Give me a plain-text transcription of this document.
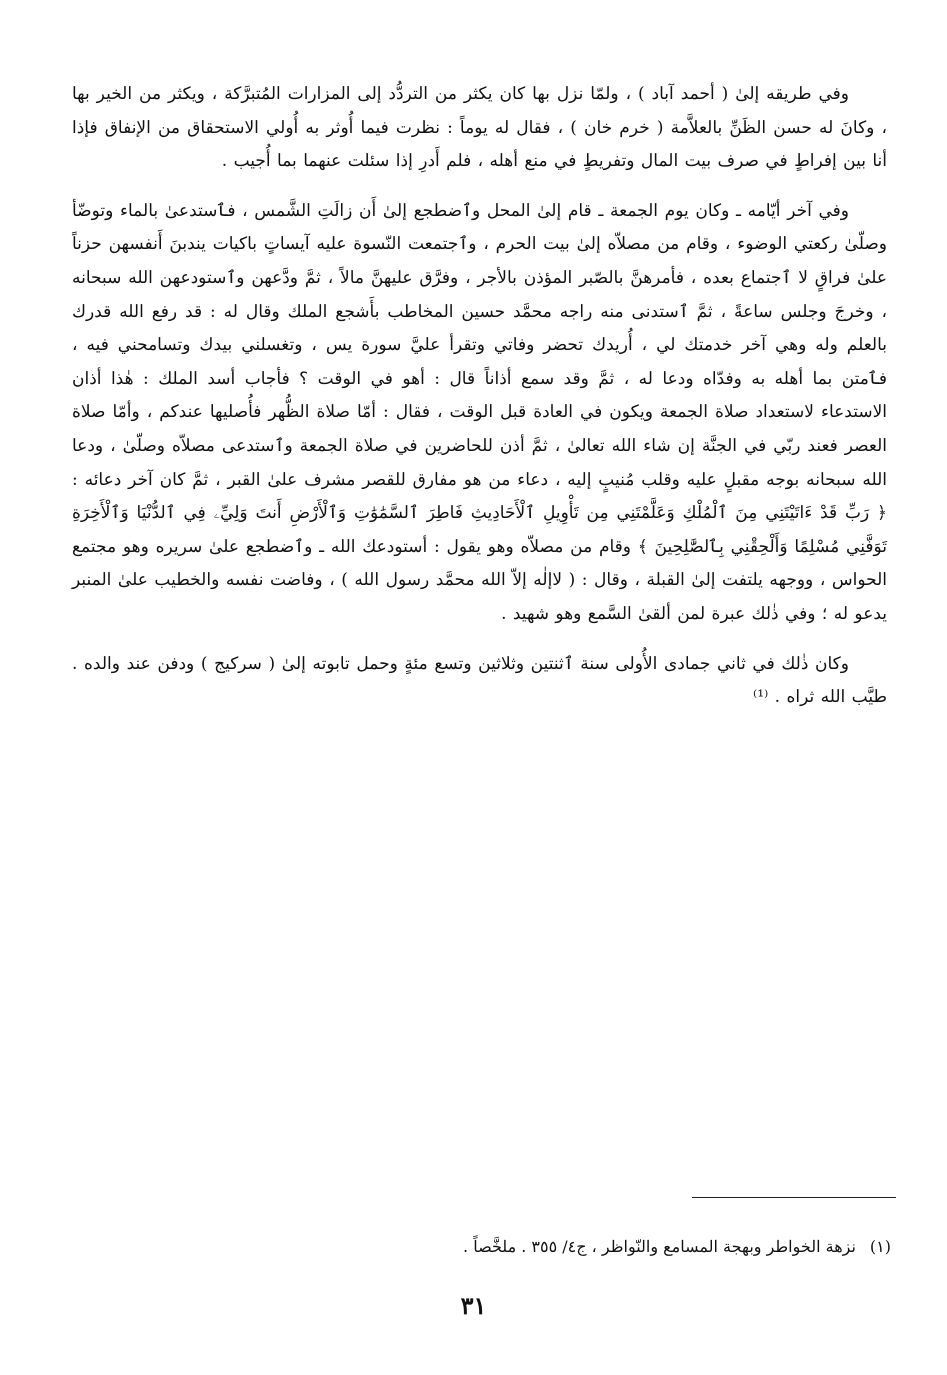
وفي طريقه إلىٰ ( أحمد آباد ) ، ولمّا نزل بها كان يكثر من التردُّد إلى المزارات المُتبرَّكة ، ويكثر من الخير بها ، وكانَ له حسن الظَنِّ بالعلاَّمة ( خرم خان ) ، فقال له يوماً : نظرت فيما أُوثر به أُولي الاستحقاق من الإنفاق فإذا أنا بين إفراطٍ في صرف بيت المال وتفريطٍ في منع أهله ، فلم أَدرِ إذا سئلت عنهما بما أُجيب .

وفي آخر أيّامه ـ وكان يوم الجمعة ـ قام إلىٰ المحل وٱضطجع إلىٰ أَن زالَتِ الشَّمس ، فٱستدعىٰ بالماء وتوضّأ وصلّىٰ ركعتي الوضوء ، وقام من مصلاّه إلىٰ بيت الحرم ، وٱجتمعت النّسوة عليه آيساتٍ باكيات يندبنَ أَنفسهن حزناً علىٰ فراقٍ لا ٱجتماع بعده ، فأمرهنَّ بالصّبر المؤذن بالأجر ، وفرَّق عليهنَّ مالاً ، ثمَّ ودَّعهن وٱستودعهن الله سبحانه ، وخرجَ وجلس ساعةً ، ثمَّ ٱستدنى منه راجه محمَّد حسين المخاطب بأَشجع الملك وقال له : قد رفع الله قدرك بالعلم وله وهي آخر خدمتك لي ، أُريدك تحضر وفاتي وتقرأ عليَّ سورة يس ، وتغسلني بيدك وتسامحني فيه ، فٱمتن بما أهله به وفدّاه ودعا له ، ثمَّ وقد سمع أذاناً قال : أهو في الوقت ؟ فأجاب أسد الملك : هٰذا أذان الاستدعاء لاستعداد صلاة الجمعة ويكون في العادة قبل الوقت ، فقال : أمّا صلاة الظُّهر فأُصليها عندكم ، وأمّا صلاة العصر فعند ربّي في الجنَّة إن شاء الله تعالىٰ ، ثمَّ أذن للحاضرين في صلاة الجمعة وٱستدعى مصلاّه وصلّىٰ ، ودعا الله سبحانه بوجه مقبلٍ عليه وقلب مُنيبٍ إليه ، دعاء من هو مفارق للقصر مشرف علىٰ القبر ، ثمَّ كان آخر دعائه : ﴿ رَبِّ قَدْ ءَاتَيْتَنِي مِنَ ٱلْمُلْكِ وَعَلَّمْتَنِي مِن تَأْوِيلِ ٱلْأَحَادِيثِ فَاطِرَ ٱلسَّمَٰوَٰتِ وَٱلْأَرْضِ أَنتَ وَلِيِّۦ فِي ٱلدُّنْيَا وَٱلْأَخِرَةِ تَوَفَّنِي مُسْلِمًا وَأَلْحِقْنِي بِٱلصَّٰلِحِينَ ﴾ وقام من مصلاّه وهو يقول : أستودعك الله ـ وٱضطجع علىٰ سريره وهو مجتمع الحواس ، ووجهه يلتفت إلىٰ القبلة ، وقال : ( لاإلٰه إلاّ الله محمَّد رسول الله ) ، وفاضت نفسه والخطيب علىٰ المنبر يدعو له ؛ وفي ذٰلك عبرة لمن ألقىٰ السَّمع وهو شهيد .

وكان ذٰلك في ثاني جمادى الأُولى سنة ٱثنتين وثلاثين وتسع مئةٍ وحمل تابوته إلىٰ ( سركيج ) ودفن عند والده . طيَّب الله ثراه . ⁽¹⁾

(١)نزهة الخواطر وبهجة المسامع والنّواظر ، ج٤/ ٣٥٥ . ملخَّصاً .
٣١
